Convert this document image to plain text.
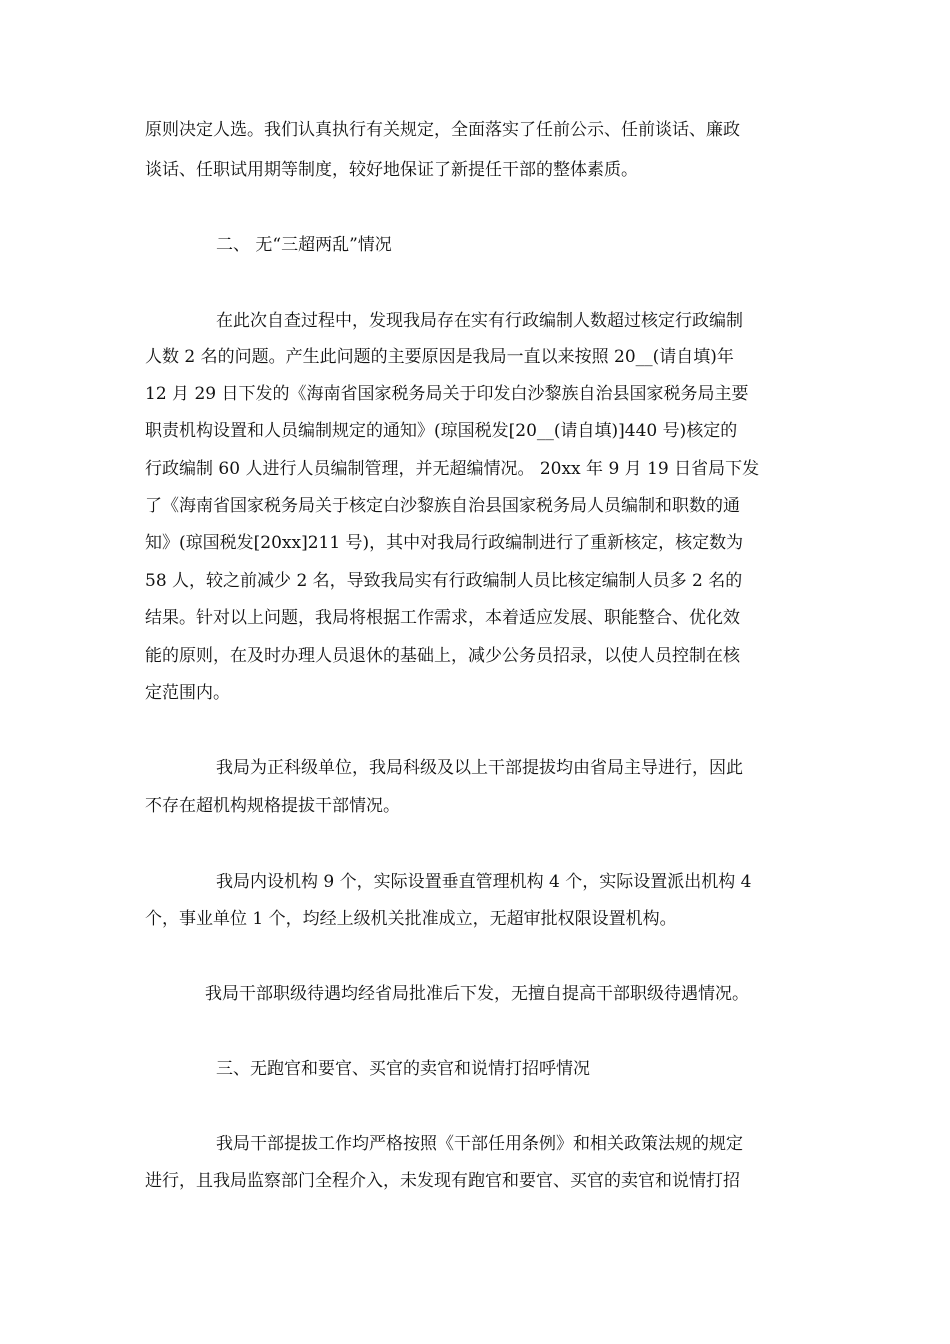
原则决定人选。我们认真执行有关规定，全面落实了任前公示、任前谈话、廉政
谈话、任职试用期等制度，较好地保证了新提任干部的整体素质。
二、 无“三超两乱”情况
在此次自查过程中，发现我局存在实有行政编制人数超过核定行政编制
人数 2 名的问题。产生此问题的主要原因是我局一直以来按照 20__(请自填)年
12 月 29 日下发的《海南省国家税务局关于印发白沙黎族自治县国家税务局主要
职责机构设置和人员编制规定的通知》(琼国税发[20__(请自填)]440 号)核定的
行政编制 60 人进行人员编制管理，并无超编情况。 20xx 年 9 月 19 日省局下发
了《海南省国家税务局关于核定白沙黎族自治县国家税务局人员编制和职数的通
知》(琼国税发[20xx]211 号)，其中对我局行政编制进行了重新核定，核定数为
58 人，较之前减少 2 名，导致我局实有行政编制人员比核定编制人员多 2 名的
结果。针对以上问题，我局将根据工作需求，本着适应发展、职能整合、优化效
能的原则，在及时办理人员退休的基础上，减少公务员招录，以使人员控制在核
定范围内。
我局为正科级单位，我局科级及以上干部提拔均由省局主导进行，因此
不存在超机构规格提拔干部情况。
我局内设机构 9 个，实际设置垂直管理机构 4 个，实际设置派出机构 4
个，事业单位 1 个，均经上级机关批准成立，无超审批权限设置机构。
我局干部职级待遇均经省局批准后下发，无擅自提高干部职级待遇情况。
三、无跑官和要官、买官的卖官和说情打招呼情况
我局干部提拔工作均严格按照《干部任用条例》和相关政策法规的规定
进行，且我局监察部门全程介入，未发现有跑官和要官、买官的卖官和说情打招
